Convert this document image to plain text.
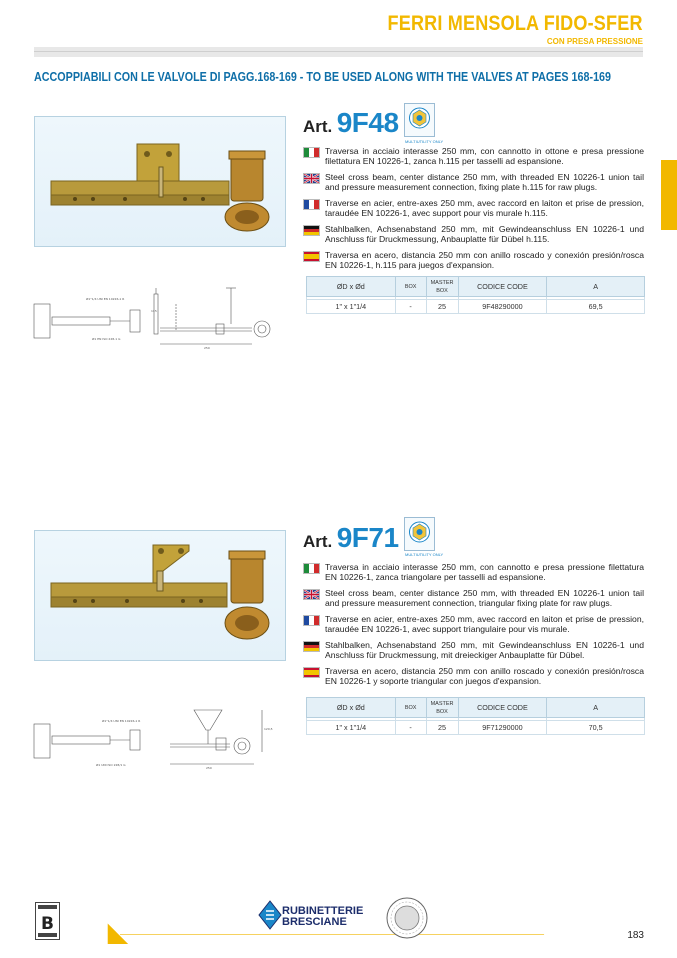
FERRI MENSOLA FIDO-SFER
CON PRESA PRESSIONE
ACCOPPIABILI CON LE VALVOLE DI PAGG.168-169 - TO BE USED ALONG WITH THE VALVES AT PAGES 168-169
Ø1"1/4 UNI EN 10226-1 R
250
115
Ø1 EN ISO 228-1 G
Art. 9F48
MULTIUTILITY ONLY
Traversa in acciaio interasse 250 mm, con cannotto in ottone e presa pressione filettatura EN 10226-1, zanca h.115 per tasselli ad espansione.
Steel cross beam, center distance 250 mm, with threaded EN 10226-1 union tail and pressure measurement connection, fixing plate h.115 for raw plugs.
Traverse en acier, entre-axes 250 mm, avec raccord en laiton et prise de pression, taraudée EN 10226-1, avec support pour vis murale h.115.
Stahlbalken, Achsenabstand 250 mm, mit Gewindeanschluss EN 10226-1 und Anschluss für Druckmessung, Anbauplatte für Dübel h.115.
Traversa en acero, distancia 250 mm con anillo roscado y conexión presión/rosca EN 10226-1, h.115 para juegos d'expansion.
ØD x Ød	BOX	MASTER BOX	CODICE CODE	A

1" x 1"1/4	-	25	9F48290000	69,5
Ø1"1/4 UNI EN 10226-1 R
250
120,5
Ø1 UNI ISO 228/1 G
Art. 9F71
MULTIUTILITY ONLY
Traversa in acciaio interasse 250 mm, con cannotto e presa pressione filettatura EN 10226-1, zanca triangolare per tasselli ad espansione.
Steel cross beam, center distance 250 mm, with threaded EN 10226-1 union tail and pressure measurement connection, triangular fixing plate for raw plugs.
Traverse en acier, entre-axes 250 mm, avec raccord en laiton et prise de pression, taraudée EN 10226-1, avec support triangulaire pour vis murale.
Stahlbalken, Achsenabstand 250 mm, mit Gewindeanschluss EN 10226-1 und Anschluss für Druckmessung, mit dreieckiger Anbauplatte für Dübel.
Traversa en acero, distancia 250 mm con anillo roscado y conexión presión/rosca EN 10226-1 y soporte triangular con juegos d'expansion.
ØD x Ød	BOX	MASTER BOX	CODICE CODE	A

1" x 1"1/4	-	25	9F71290000	70,5
B
RUBINETTERIE
BRESCIANE
183
